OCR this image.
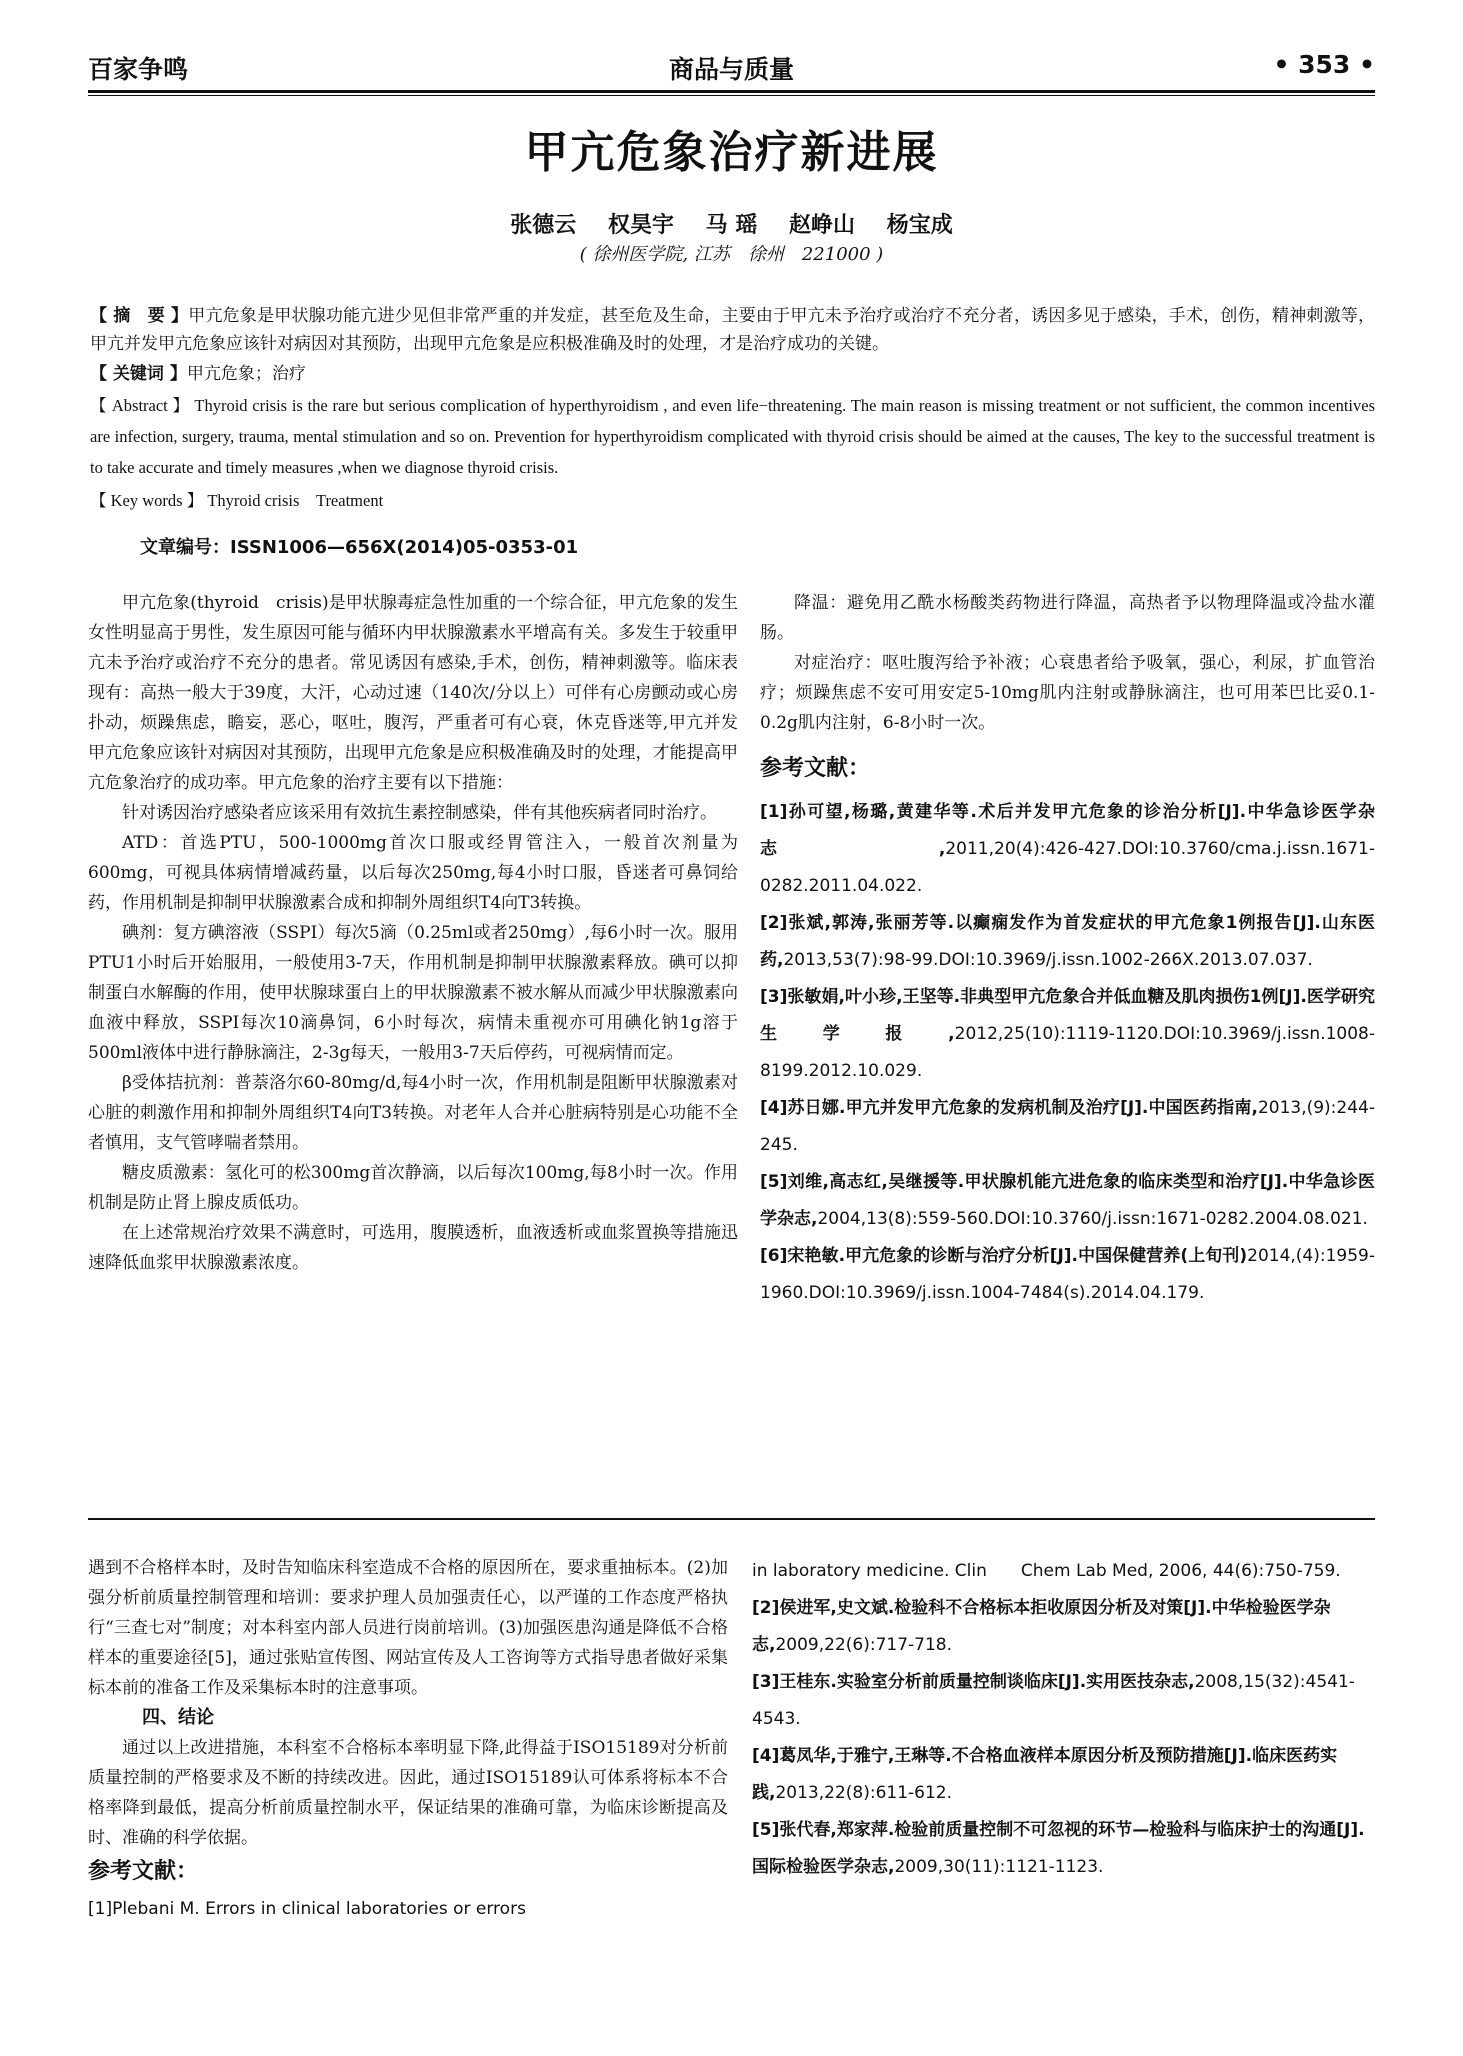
百家争鸣	商品与质量	• 353 •
甲亢危象治疗新进展
张德云 权昊宇 马 瑶 赵峥山 杨宝成
( 徐州医学院, 江苏　徐州　221000 )

【 摘　要 】甲亢危象是甲状腺功能亢进少见但非常严重的并发症，甚至危及生命，主要由于甲亢未予治疗或治疗不充分者，诱因多见于感染，手术，创伤，精神刺激等，甲亢并发甲亢危象应该针对病因对其预防，出现甲亢危象是应积极准确及时的处理，才是治疗成功的关键。

【 关键词 】甲亢危象；治疗

【 Abstract 】 Thyroid crisis is the rare but serious complication of hyperthyroidism , and even life−threatening. The main reason is missing treatment or not sufficient, the common incentives are infection, surgery, trauma, mental stimulation and so on. Prevention for hyperthyroidism complicated with thyroid crisis should be aimed at the causes, The key to the successful treatment is to take accurate and timely measures ,when we diagnose thyroid crisis.

【 Key words 】 Thyroid crisis　Treatment

文章编号：ISSN1006—656X(2014)05-0353-01

甲亢危象(thyroid　crisis)是甲状腺毒症急性加重的一个综合征，甲亢危象的发生女性明显高于男性，发生原因可能与循环内甲状腺激素水平增高有关。多发生于较重甲亢未予治疗或治疗不充分的患者。常见诱因有感染,手术，创伤，精神刺激等。临床表现有：高热一般大于39度，大汗，心动过速（140次/分以上）可伴有心房颤动或心房扑动，烦躁焦虑，瞻妄，恶心，呕吐，腹泻，严重者可有心衰，休克昏迷等,甲亢并发甲亢危象应该针对病因对其预防，出现甲亢危象是应积极准确及时的处理，才能提高甲亢危象治疗的成功率。甲亢危象的治疗主要有以下措施：

针对诱因治疗感染者应该采用有效抗生素控制感染，伴有其他疾病者同时治疗。

ATD：首选PTU，500-1000mg首次口服或经胃管注入，一般首次剂量为600mg，可视具体病情增减药量，以后每次250mg,每4小时口服，昏迷者可鼻饲给药，作用机制是抑制甲状腺激素合成和抑制外周组织T4向T3转换。

碘剂：复方碘溶液（SSPI）每次5滴（0.25ml或者250mg）,每6小时一次。服用PTU1小时后开始服用，一般使用3-7天，作用机制是抑制甲状腺激素释放。碘可以抑制蛋白水解酶的作用，使甲状腺球蛋白上的甲状腺激素不被水解从而减少甲状腺激素向血液中释放，SSPI每次10滴鼻饲，6小时每次，病情未重视亦可用碘化钠1g溶于500ml液体中进行静脉滴注，2-3g每天，一般用3-7天后停药，可视病情而定。

β受体拮抗剂：普萘洛尔60-80mg/d,每4小时一次，作用机制是阻断甲状腺激素对心脏的刺激作用和抑制外周组织T4向T3转换。对老年人合并心脏病特别是心功能不全者慎用，支气管哮喘者禁用。

糖皮质激素：氢化可的松300mg首次静滴，以后每次100mg,每8小时一次。作用机制是防止肾上腺皮质低功。

在上述常规治疗效果不满意时，可选用，腹膜透析，血液透析或血浆置换等措施迅速降低血浆甲状腺激素浓度。

降温：避免用乙酰水杨酸类药物进行降温，高热者予以物理降温或冷盐水灌肠。

对症治疗：呕吐腹泻给予补液；心衰患者给予吸氧，强心，利尿，扩血管治疗；烦躁焦虑不安可用安定5-10mg肌内注射或静脉滴注，也可用苯巴比妥0.1-0.2g肌内注射，6-8小时一次。

参考文献：
[1]孙可望,杨璐,黄建华等.术后并发甲亢危象的诊治分析[J].中华急诊医学杂志,2011,20(4):426-427.DOI:10.3760/cma.j.issn.1671-0282.2011.04.022.
[2]张斌,郭涛,张丽芳等.以癫痫发作为首发症状的甲亢危象1例报告[J].山东医药,2013,53(7):98-99.DOI:10.3969/j.issn.1002-266X.2013.07.037.
[3]张敏娟,叶小珍,王坚等.非典型甲亢危象合并低血糖及肌肉损伤1例[J].医学研究生学报,2012,25(10):1119-1120.DOI:10.3969/j.issn.1008-8199.2012.10.029.
[4]苏日娜.甲亢并发甲亢危象的发病机制及治疗[J].中国医药指南,2013,(9):244-245.
[5]刘维,高志红,吴继援等.甲状腺机能亢进危象的临床类型和治疗[J].中华急诊医学杂志,2004,13(8):559-560.DOI:10.3760/j.issn:1671-0282.2004.08.021.
[6]宋艳敏.甲亢危象的诊断与治疗分析[J].中国保健营养(上旬刊)2014,(4):1959-1960.DOI:10.3969/j.issn.1004-7484(s).2014.04.179.

遇到不合格样本时，及时告知临床科室造成不合格的原因所在，要求重抽标本。(2)加强分析前质量控制管理和培训：要求护理人员加强责任心，以严谨的工作态度严格执行“三查七对”制度；对本科室内部人员进行岗前培训。(3)加强医患沟通是降低不合格样本的重要途径[5]，通过张贴宣传图、网站宣传及人工咨询等方式指导患者做好采集标本前的准备工作及采集标本时的注意事项。

四、结论

通过以上改进措施，本科室不合格标本率明显下降,此得益于ISO15189对分析前质量控制的严格要求及不断的持续改进。因此，通过ISO15189认可体系将标本不合格率降到最低，提高分析前质量控制水平，保证结果的准确可靠，为临床诊断提高及时、准确的科学依据。

参考文献：
[1]Plebani M. Errors in clinical laboratories or errors
in laboratory medicine. Clin　　Chem Lab Med, 2006, 44(6):750-759.
[2]侯进军,史文斌.检验科不合格标本拒收原因分析及对策[J].中华检验医学杂志,2009,22(6):717-718.
[3]王桂东.实验室分析前质量控制谈临床[J].实用医技杂志,2008,15(32):4541-4543.
[4]葛凤华,于雅宁,王琳等.不合格血液样本原因分析及预防措施[J].临床医药实践,2013,22(8):611-612.
[5]张代春,郑家萍.检验前质量控制不可忽视的环节—检验科与临床护士的沟通[J].国际检验医学杂志,2009,30(11):1121-1123.
